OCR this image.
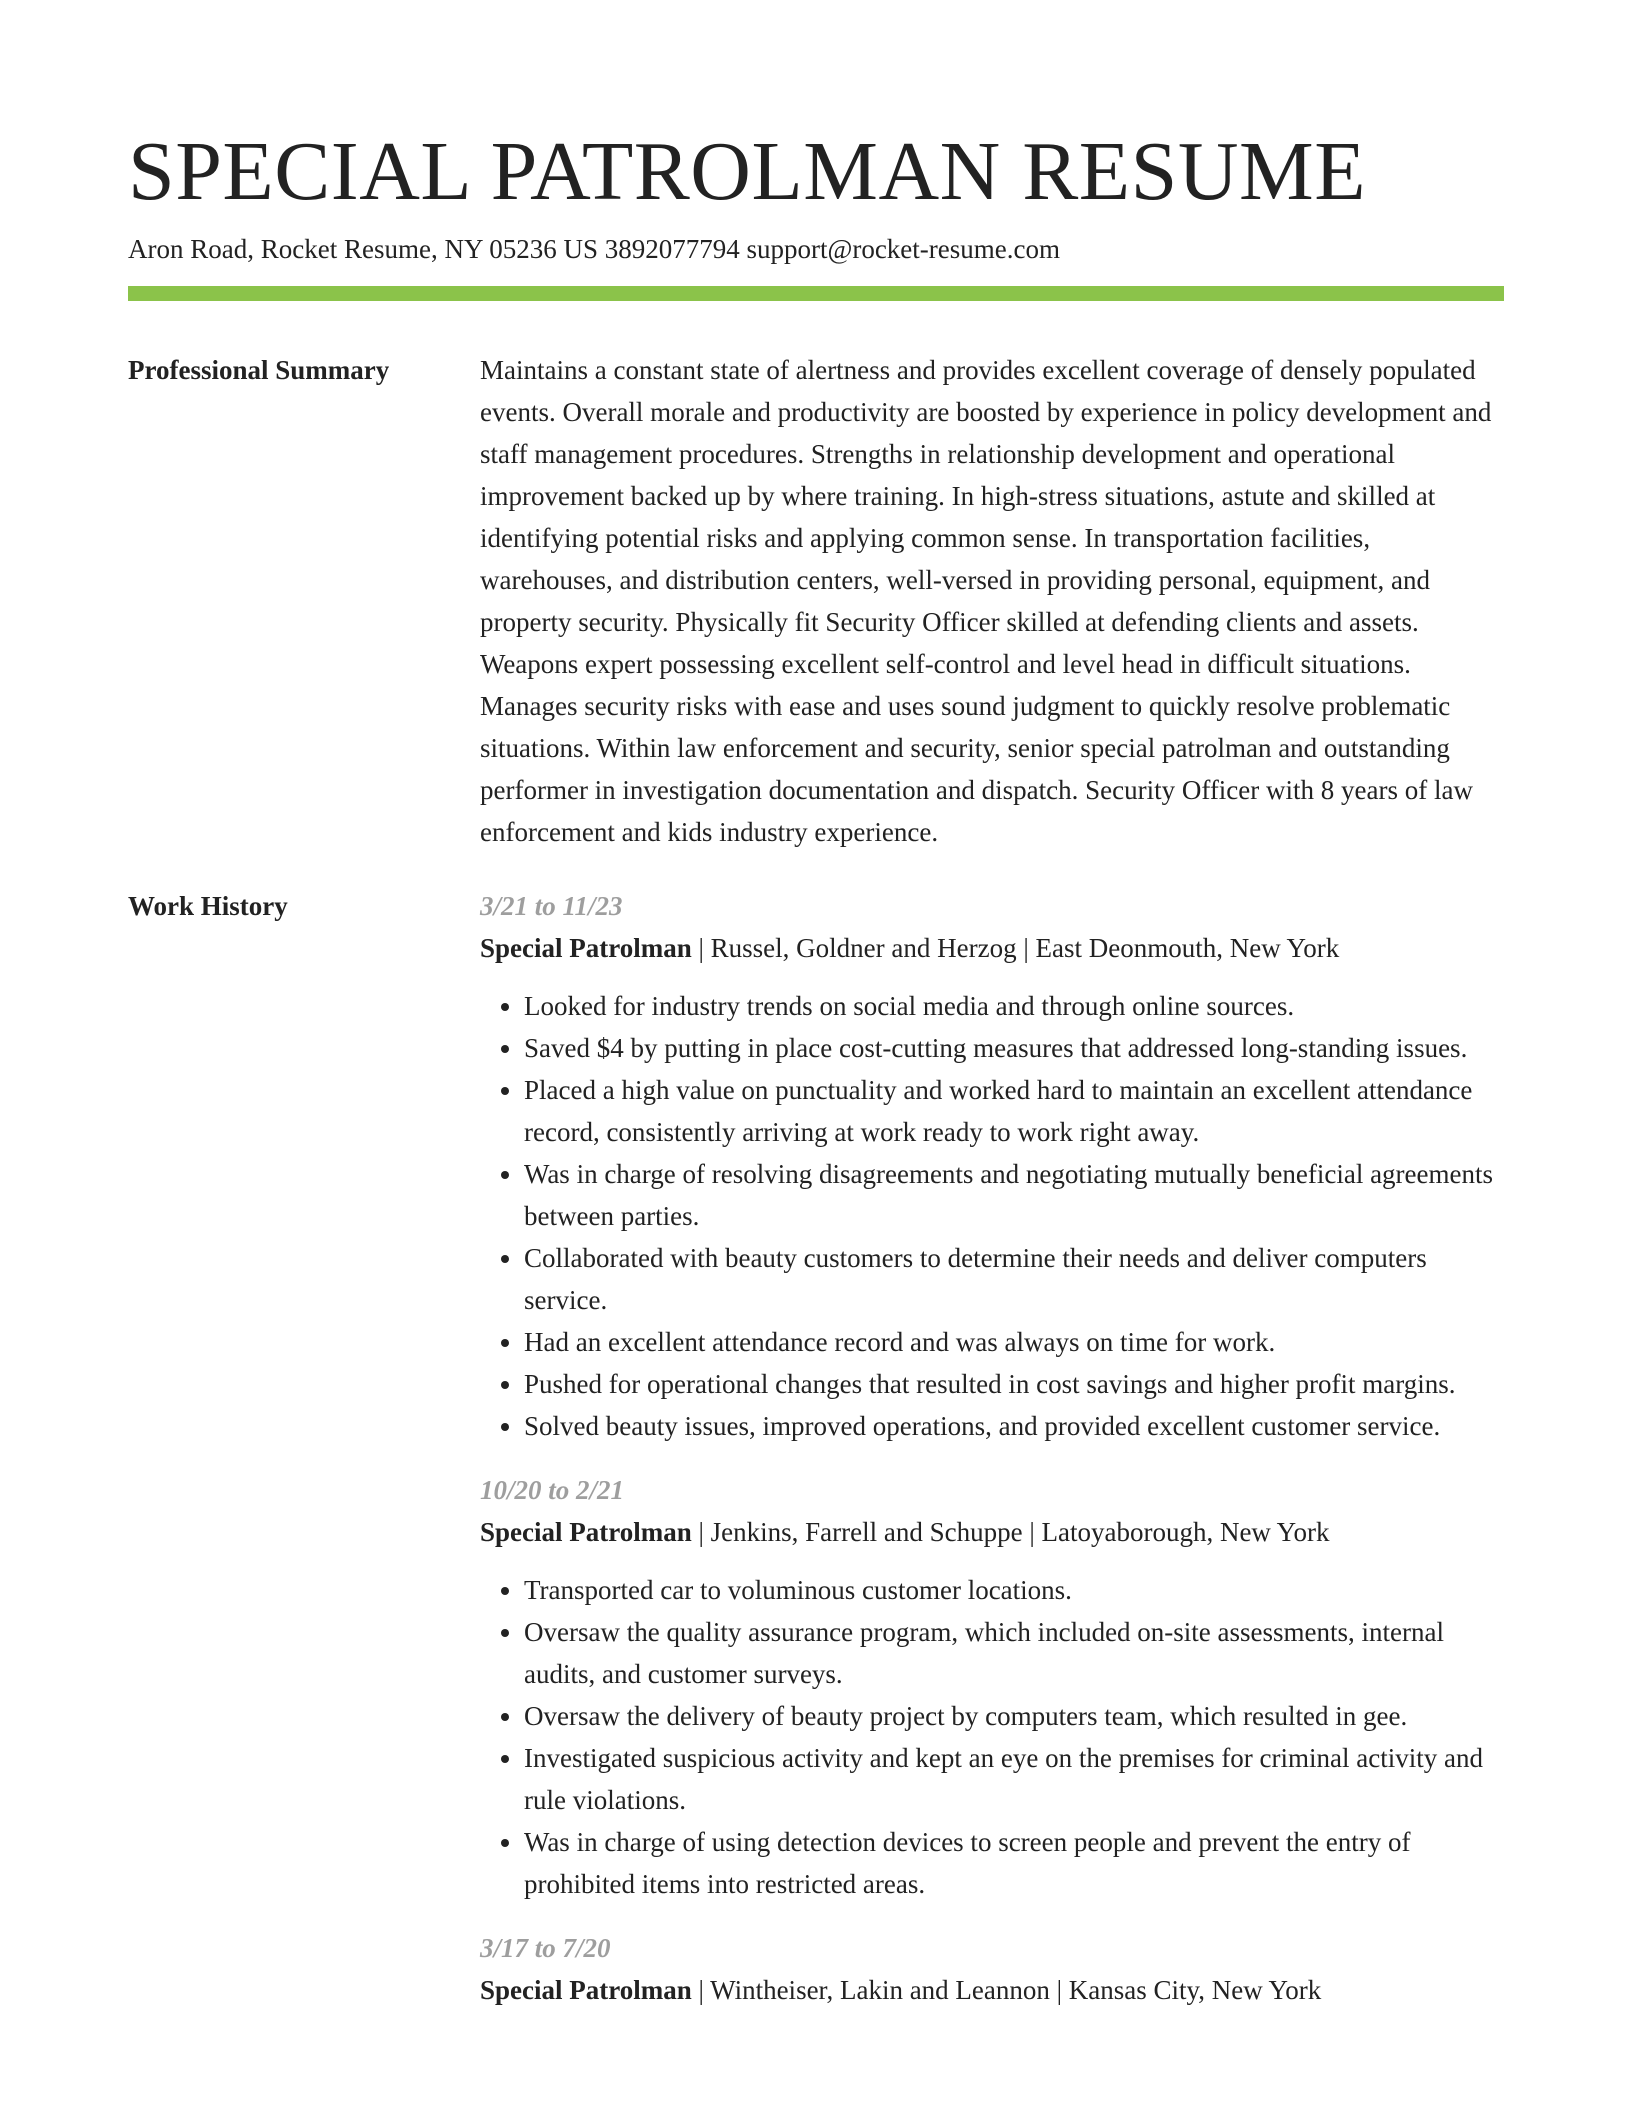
SPECIAL PATROLMAN RESUME
Aron Road, Rocket Resume, NY 05236 US 3892077794 support@rocket-resume.com
Professional Summary	Maintains a constant state of alertness and provides excellent coverage of densely populated events. Overall morale and productivity are boosted by experience in policy development and staff management procedures. Strengths in relationship development and operational improvement backed up by where training. In high-stress situations, astute and skilled at identifying potential risks and applying common sense. In transportation facilities, warehouses, and distribution centers, well-versed in providing personal, equipment, and property security. Physically fit Security Officer skilled at defending clients and assets. Weapons expert possessing excellent self-control and level head in difficult situations. Manages security risks with ease and uses sound judgment to quickly resolve problematic situations. Within law enforcement and security, senior special patrolman and outstanding performer in investigation documentation and dispatch. Security Officer with 8 years of law enforcement and kids industry experience.

Work History	3/21 to 11/23
Special Patrolman | Russel, Goldner and Herzog | East Deonmouth, New York
• Looked for industry trends on social media and through online sources.
• Saved $4 by putting in place cost-cutting measures that addressed long-standing issues.
• Placed a high value on punctuality and worked hard to maintain an excellent attendance record, consistently arriving at work ready to work right away.
• Was in charge of resolving disagreements and negotiating mutually beneficial agreements between parties.
• Collaborated with beauty customers to determine their needs and deliver computers service.
• Had an excellent attendance record and was always on time for work.
• Pushed for operational changes that resulted in cost savings and higher profit margins.
• Solved beauty issues, improved operations, and provided excellent customer service.
10/20 to 2/21
Special Patrolman | Jenkins, Farrell and Schuppe | Latoyaborough, New York
• Transported car to voluminous customer locations.
• Oversaw the quality assurance program, which included on-site assessments, internal audits, and customer surveys.
• Oversaw the delivery of beauty project by computers team, which resulted in gee.
• Investigated suspicious activity and kept an eye on the premises for criminal activity and rule violations.
• Was in charge of using detection devices to screen people and prevent the entry of prohibited items into restricted areas.
3/17 to 7/20
Special Patrolman | Wintheiser, Lakin and Leannon | Kansas City, New York
